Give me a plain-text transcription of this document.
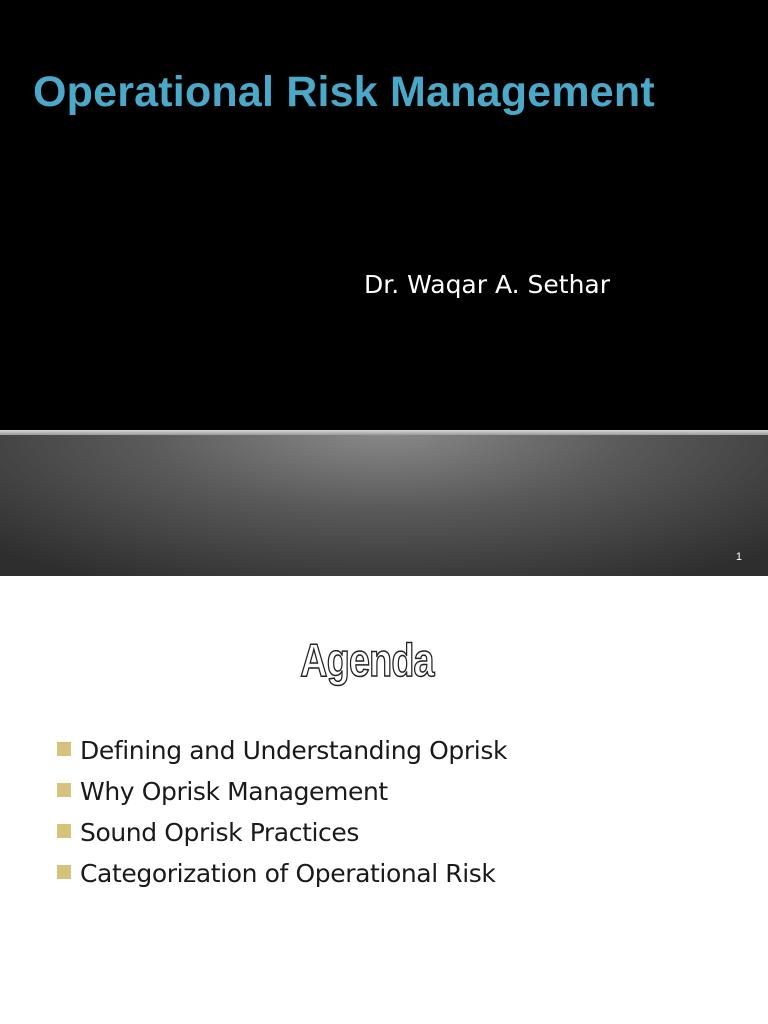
Operational Risk Management
Dr. Waqar A. Sethar
1
Agenda
Defining and Understanding Oprisk
Why Oprisk Management
Sound Oprisk Practices
Categorization of Operational Risk
